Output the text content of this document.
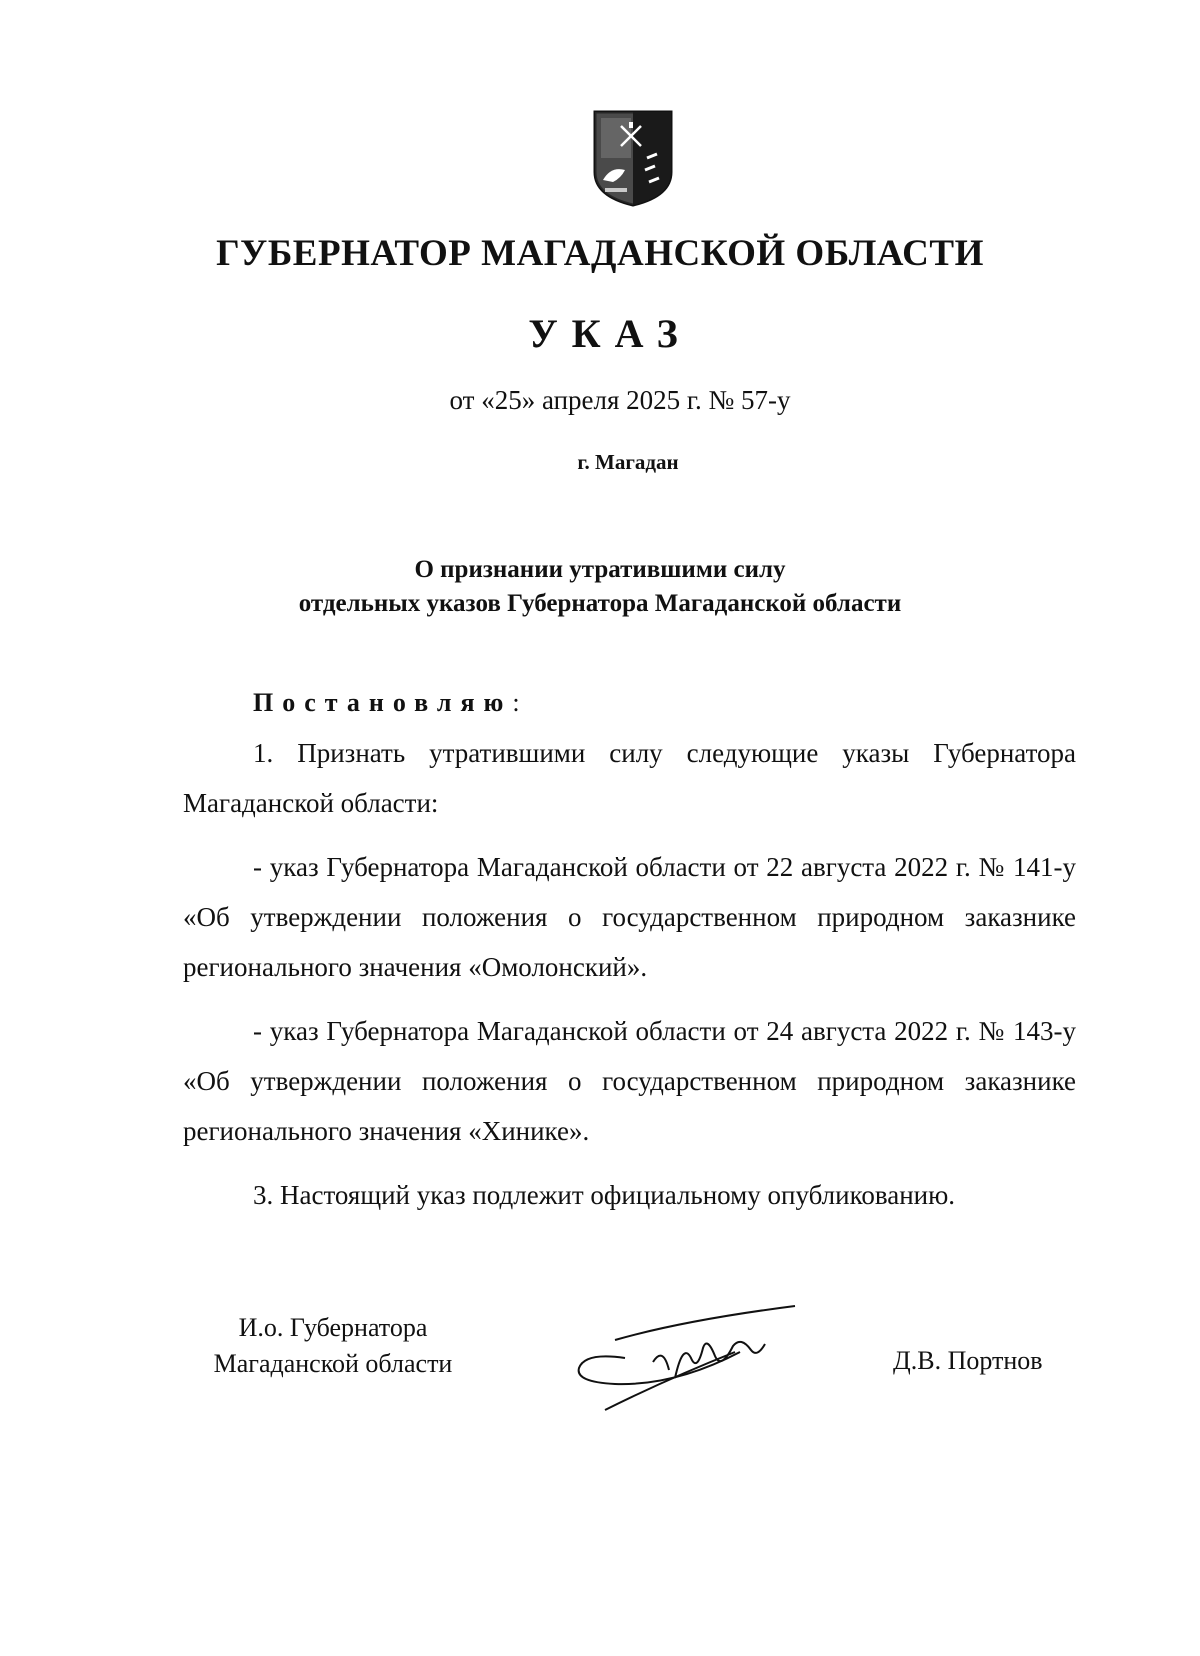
ГУБЕРНАТОР МАГАДАНСКОЙ ОБЛАСТИ
УКАЗ
от «25» апреля 2025 г. № 57-у
г. Магадан
О признании утратившими силу
отдельных указов Губернатора Магаданской области
Постановляю:

1. Признать утратившими силу следующие указы Губернатора Магаданской области:

- указ Губернатора Магаданской области от 22 августа 2022 г. № 141-у «Об утверждении положения о государственном природном заказнике регионального значения «Омолонский».

- указ Губернатора Магаданской области от 24 августа 2022 г. № 143-у «Об утверждении положения о государственном природном заказнике регионального значения «Хинике».

3. Настоящий указ подлежит официальному опубликованию.

И.о. Губернатора
Магаданской области	Д.В. Портнов
